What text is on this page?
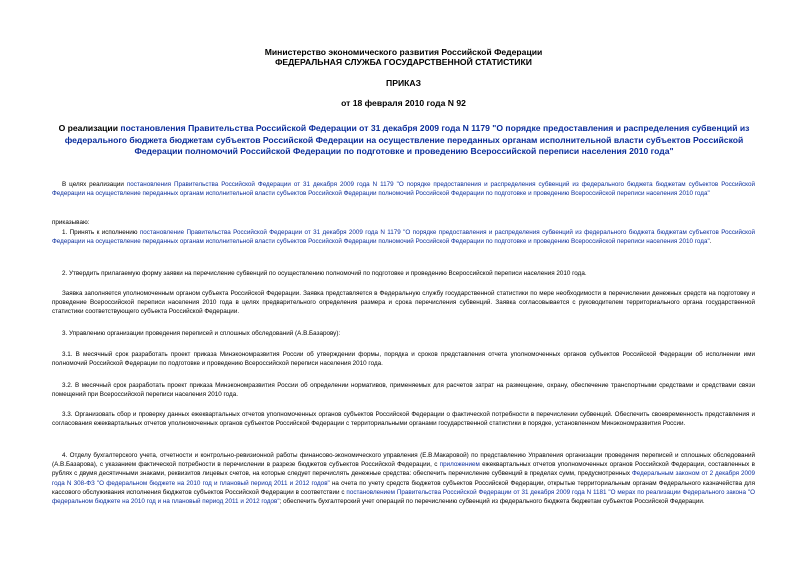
Министерство экономического развития Российской Федерации
ФЕДЕРАЛЬНАЯ СЛУЖБА ГОСУДАРСТВЕННОЙ СТАТИСТИКИ
ПРИКАЗ
от 18 февраля 2010 года N 92
О реализации постановления Правительства Российской Федерации от 31 декабря 2009 года N 1179 "О порядке предоставления и распределения субвенций из федерального бюджета бюджетам субъектов Российской Федерации на осуществление переданных органам исполнительной власти субъектов Российской Федерации полномочий Российской Федерации по подготовке и проведению Всероссийской переписи населения 2010 года"

В целях реализации постановления Правительства Российской Федерации от 31 декабря 2009 года N 1179 "О порядке предоставления и распределения субвенций из федерального бюджета бюджетам субъектов Российской Федерации на осуществление переданных органам исполнительной власти субъектов Российской Федерации полномочий Российской Федерации по подготовке и проведению Всероссийской переписи населения 2010 года"

приказываю:

1. Принять к исполнению постановление Правительства Российской Федерации от 31 декабря 2009 года N 1179 "О порядке предоставления и распределения субвенций из федерального бюджета бюджетам субъектов Российской Федерации на осуществление переданных органам исполнительной власти субъектов Российской Федерации полномочий Российской Федерации по подготовке и проведению Всероссийской переписи населения 2010 года".

2. Утвердить прилагаемую форму заявки на перечисление субвенций по осуществлению полномочий по подготовке и проведению Всероссийской переписи населения 2010 года.

Заявка заполняется уполномоченным органом субъекта Российской Федерации. Заявка представляется в Федеральную службу государственной статистики по мере необходимости в перечислении денежных средств на подготовку и проведение Всероссийской переписи населения 2010 года в целях предварительного определения размера и срока перечисления субвенций. Заявка согласовывается с руководителем территориального органа государственной статистики соответствующего субъекта Российской Федерации.

3. Управлению организации проведения переписей и сплошных обследований (А.В.Базарову):

3.1. В месячный срок разработать проект приказа Минэкономразвития России об утверждении формы, порядка и сроков представления отчета уполномоченных органов субъектов Российской Федерации об исполнении ими полномочий Российской Федерации по подготовке и проведению Всероссийской переписи населения 2010 года.

3.2. В месячный срок разработать проект приказа Минэкономразвития России об определении нормативов, применяемых для расчетов затрат на размещение, охрану, обеспечение транспортными средствами и средствами связи помещений при Всероссийской переписи населения 2010 года.

3.3. Организовать сбор и проверку данных ежеквартальных отчетов уполномоченных органов субъектов Российской Федерации о фактической потребности в перечислении субвенций. Обеспечить своевременность представления и согласования ежеквартальных отчетов уполномоченных органов субъектов Российской Федерации с территориальными органами государственной статистики в порядке, установленном Минэкономразвития России.

4. Отделу бухгалтерского учета, отчетности и контрольно-ревизионной работы финансово-экономического управления (Е.В.Макаровой) по представлению Управления организации проведения переписей и сплошных обследований (А.В.Базарова), с указанием фактической потребности в перечислении в разрезе бюджетов субъектов Российской Федерации, с приложением ежеквартальных отчетов уполномоченных органов Российской Федерации, составленных в рублях с двумя десятичными знаками, реквизитов лицевых счетов, на которые следует перечислять денежные средства: обеспечить перечисление субвенций в пределах сумм, предусмотренных Федеральным законом от 2 декабря 2009 года N 308-ФЗ "О федеральном бюджете на 2010 год и плановый период 2011 и 2012 годов" на счета по учету средств бюджетов субъектов Российской Федерации, открытые территориальным органам Федерального казначейства для кассового обслуживания исполнения бюджетов субъектов Российской Федерации в соответствии с постановлением Правительства Российской Федерации от 31 декабря 2009 года N 1181 "О мерах по реализации Федерального закона "О федеральном бюджете на 2010 год и на плановый период 2011 и 2012 годов"; обеспечить бухгалтерский учет операций по перечислению субвенций из федерального бюджета бюджетам субъектов Российской Федерации.
